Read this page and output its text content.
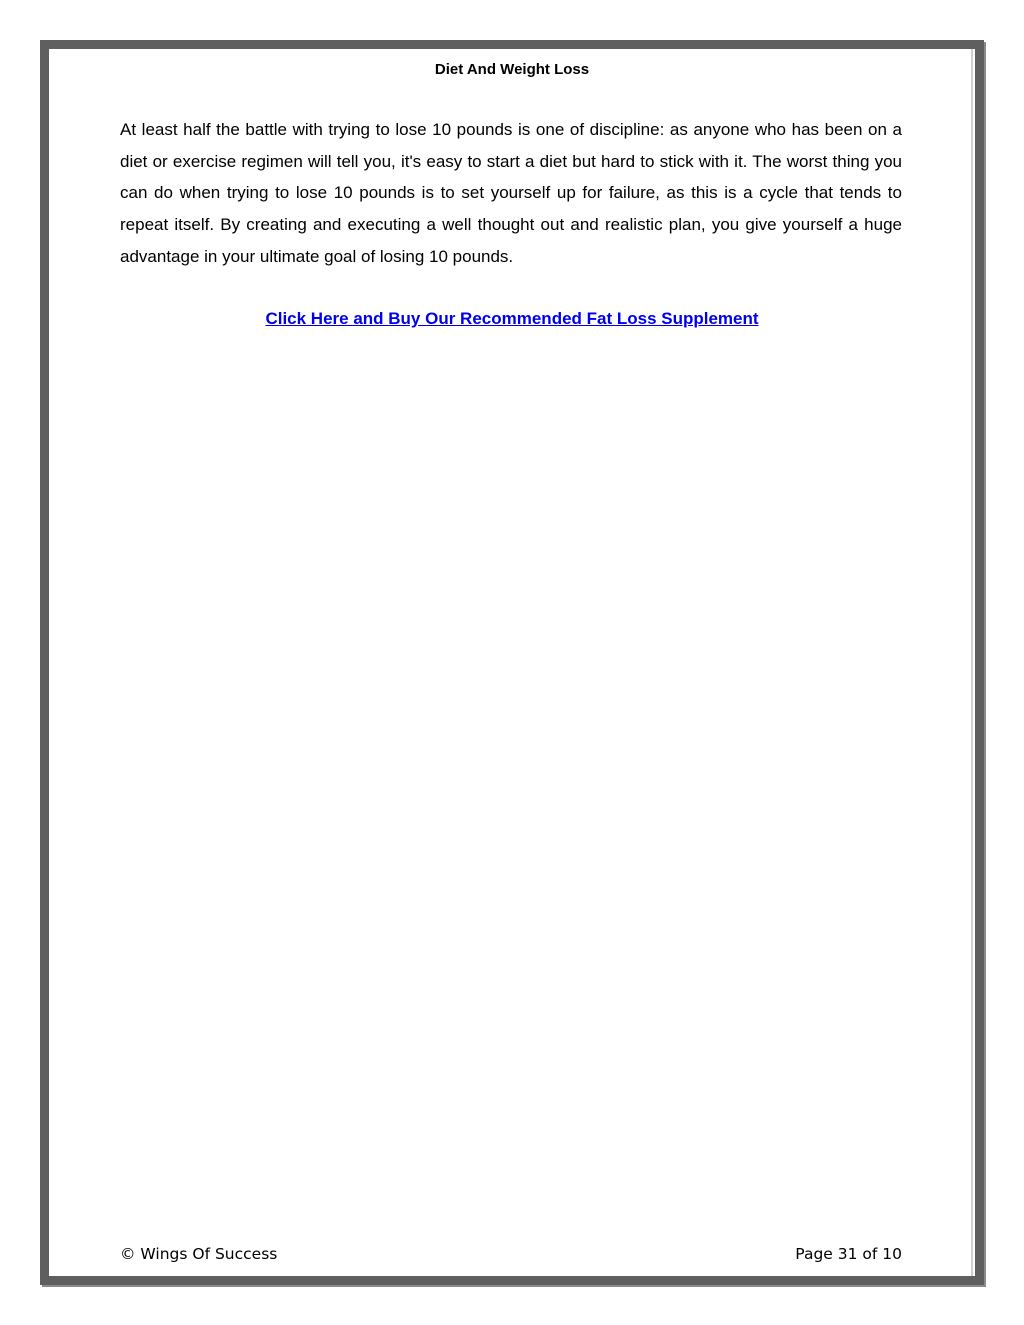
Diet And Weight Loss

At least half the battle with trying to lose 10 pounds is one of discipline: as anyone who has been on a diet or exercise regimen will tell you, it's easy to start a diet but hard to stick with it. The worst thing you can do when trying to lose 10 pounds is to set yourself up for failure, as this is a cycle that tends to repeat itself. By creating and executing a well thought out and realistic plan, you give yourself a huge advantage in your ultimate goal of losing 10 pounds.

Click Here and Buy Our Recommended Fat Loss Supplement
© Wings Of Success	Page 31 of 10
